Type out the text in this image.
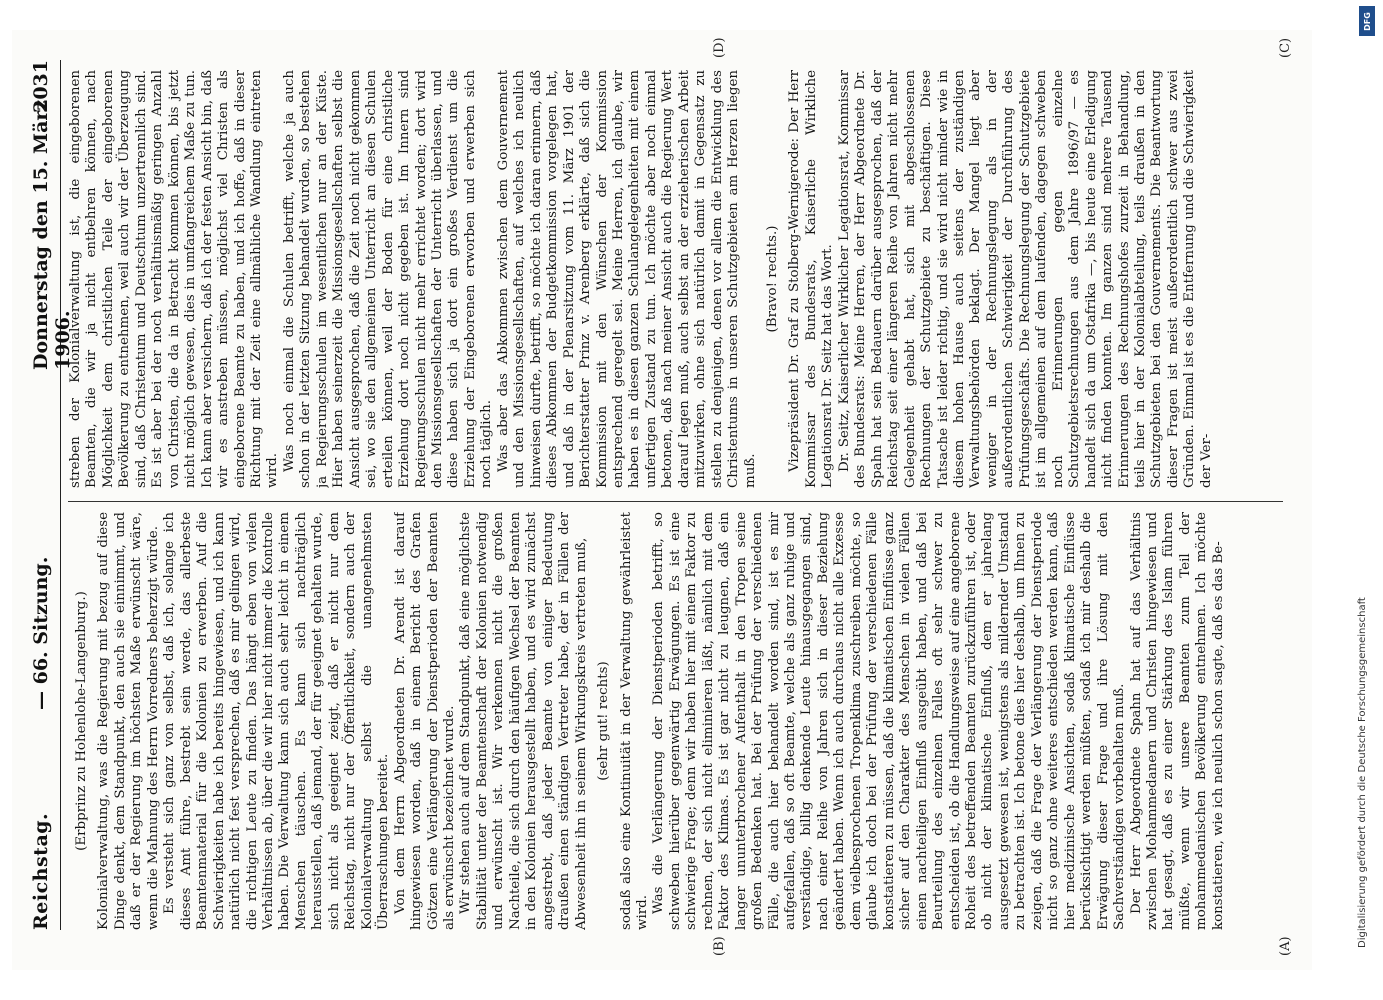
Reichstag.
— 66. Sitzung.
Donnerstag den 15. März 1906.
2031

(Erbprinz zu Hohenlohe-Langenburg.) Kolonialverwaltung, was die Regierung mit bezug auf diese Dinge denkt, dem Standpunkt, den auch sie einnimmt, und daß er der Regierung im höchsten Maße erwünscht wäre, wenn die Mahnung des Herrn Vorredners beherzigt würde. Es versteht sich ganz von selbst, daß ich, solange ich dieses Amt führe, bestrebt sein werde, das allerbeste Beamtenmaterial für die Kolonien zu erwerben. Auf die Schwierigkeiten habe ich bereits hingewiesen, und ich kann natürlich nicht fest versprechen, daß es mir gelingen wird, die richtigen Leute zu finden. Das hängt eben von vielen Verhältnissen ab, über die wir hier nicht immer die Kontrolle haben. Die Verwaltung kann sich auch sehr leicht in einem Menschen täuschen. Es kann sich nachträglich herausstellen, daß jemand, der für geeignet gehalten wurde, sich nicht als geeignet zeigt, daß er nicht nur dem Reichstag, nicht nur der Öffentlichkeit, sondern auch der Kolonialverwaltung selbst die unangenehmsten Überraschungen bereitet. Von dem Herrn Abgeordneten Dr. Arendt ist darauf hingewiesen worden, daß in einem Bericht des Grafen Götzen eine Verlängerung der Dienstperioden der Beamten als erwünscht bezeichnet wurde. Wir stehen auch auf dem Standpunkt, daß eine möglichste Stabilität unter der Beamtenschaft der Kolonien notwendig und erwünscht ist. Wir verkennen nicht die großen Nachteile, die sich durch den häufigen Wechsel der Beamten in den Kolonien herausgestellt haben, und es wird zunächst angestrebt, daß jeder Beamte von einiger Bedeutung draußen einen ständigen Vertreter habe, der in Fällen der Abwesenheit ihn in seinem Wirkungskreis vertreten muß, (sehr gut! rechts) sodaß also eine Kontinuität in der Verwaltung gewährleistet wird. Was die Verlängerung der Dienstperioden betrifft, so schweben hierüber gegenwärtig Erwägungen. Es ist eine schwierige Frage; denn wir haben hier mit einem Faktor zu rechnen, der sich nicht eliminieren läßt, nämlich mit dem Faktor des Klimas. Es ist gar nicht zu leugnen, daß ein langer ununterbrochener Aufenthalt in den Tropen seine großen Bedenken hat. Bei der Prüfung der verschiedenen Fälle, die auch hier behandelt worden sind, ist es mir aufgefallen, daß so oft Beamte, welche als ganz ruhige und verständige, billig denkende Leute hinausgegangen sind, nach einer Reihe von Jahren sich in dieser Beziehung geändert haben. Wenn ich auch durchaus nicht alle Exzesse dem vielbesprochenen Tropenklima zuschreiben möchte, so glaube ich doch bei der Prüfung der verschiedenen Fälle konstatieren zu müssen, daß die klimatischen Einflüsse ganz sicher auf den Charakter des Menschen in vielen Fällen einen nachteiligen Einfluß ausgeübt haben, und daß bei Beurteilung des einzelnen Falles oft sehr schwer zu entscheiden ist, ob die Handlungsweise auf eine angeborene Roheit des betreffenden Beamten zurückzuführen ist, oder ob nicht der klimatische Einfluß, dem er jahrelang ausgesetzt gewesen ist, wenigstens als mildernder Umstand zu betrachten ist. Ich betone dies hier deshalb, um Ihnen zu zeigen, daß die Frage der Verlängerung der Dienstperiode nicht so ganz ohne weiteres entschieden werden kann, daß hier medizinische Ansichten, sodaß klimatische Einflüsse berücksichtigt werden müßten, sodaß ich mir deshalb die Erwägung dieser Frage und ihre Lösung mit den Sachverständigen vorbehalten muß. Der Herr Abgeordnete Spahn hat auf das Verhältnis zwischen Mohammedanern und Christen hingewiesen und hat gesagt, daß es zu einer Stärkung des Islam führen müßte, wenn wir unsere Beamten zum Teil der mohammedanischen Bevölkerung entnehmen. Ich möchte konstatieren, wie ich neulich schon sagte, daß es das Be-

streben der Kolonialverwaltung ist, die eingeborenen Beamten, die wir ja nicht entbehren können, nach Möglichkeit dem christlichen Teile der eingeborenen Bevölkerung zu entnehmen, weil auch wir der Überzeugung sind, daß Christentum und Deutschtum unzertrennlich sind. Es ist aber bei der noch verhältnismäßig geringen Anzahl von Christen, die da in Betracht kommen können, bis jetzt nicht möglich gewesen, dies in umfangreichem Maße zu tun. Ich kann aber versichern, daß ich der festen Ansicht bin, daß wir es anstreben müssen, möglichst viel Christen als eingeborene Beamte zu haben, und ich hoffe, daß in dieser Richtung mit der Zeit eine allmähliche Wandlung eintreten wird. Was noch einmal die Schulen betrifft, welche ja auch schon in der letzten Sitzung behandelt wurden, so bestehen ja Regierungsschulen im wesentlichen nur an der Küste. Hier haben seinerzeit die Missionsgesellschaften selbst die Ansicht ausgesprochen, daß die Zeit noch nicht gekommen sei, wo sie den allgemeinen Unterricht an diesen Schulen erteilen können, weil der Boden für eine christliche Erziehung dort noch nicht gegeben ist. Im Innern sind Regierungsschulen nicht mehr errichtet worden; dort wird den Missionsgesellschaften der Unterricht überlassen, und diese haben sich ja dort ein großes Verdienst um die Erziehung der Eingeborenen erworben und erwerben sich noch täglich. Was aber das Abkommen zwischen dem Gouvernement und den Missionsgesellschaften, auf welches ich neulich hinweisen durfte, betrifft, so möchte ich daran erinnern, daß dieses Abkommen der Budgetkommission vorgelegen hat, und daß in der Plenarsitzung vom 11. März 1901 der Berichterstatter Prinz v. Arenberg erklärte, daß sich die Kommission mit den Wünschen der Kommission entsprechend geregelt sei. Meine Herren, ich glaube, wir haben es in diesen ganzen Schulangelegenheiten mit einem unfertigen Zustand zu tun. Ich möchte aber noch einmal betonen, daß nach meiner Ansicht auch die Regierung Wert darauf legen muß, auch selbst an der erzieherischen Arbeit mitzuwirken, ohne sich natürlich damit in Gegensatz zu stellen zu denjenigen, denen vor allem die Entwicklung des Christentums in unseren Schutzgebieten am Herzen liegen muß.

(Bravo! rechts.) Vizepräsident Dr. Graf zu Stolberg-Wernigerode: Der Herr Kommissar des Bundesrats, Kaiserliche Wirkliche Legationsrat Dr. Seitz hat das Wort. Dr. Seitz, Kaiserlicher Wirklicher Legationsrat, Kommissar des Bundesrats: Meine Herren, der Herr Abgeordnete Dr. Spahn hat sein Bedauern darüber ausgesprochen, daß der Reichstag seit einer längeren Reihe von Jahren nicht mehr Gelegenheit gehabt hat, sich mit abgeschlossenen Rechnungen der Schutzgebiete zu beschäftigen. Diese Tatsache ist leider richtig, und sie wird nicht minder wie in diesem hohen Hause auch seitens der zuständigen Verwaltungsbehörden beklagt. Der Mangel liegt aber weniger in der Rechnungslegung als in der außerordentlichen Schwierigkeit der Durchführung des Prüfungsgeschäfts. Die Rechnungslegung der Schutzgebiete ist im allgemeinen auf dem laufenden, dagegen schweben noch Erinnerungen gegen einzelne Schutzgebietsrechnungen aus dem Jahre 1896/97 — es handelt sich da um Ostafrika —, bis heute eine Erledigung nicht finden konnten. Im ganzen sind mehrere Tausend Erinnerungen des Rechnungshofes zurzeit in Behandlung, teils hier in der Kolonialabteilung, teils draußen in den Schutzgebieten bei den Gouvernements. Die Beantwortung dieser Fragen ist meist außerordentlich schwer aus zwei Gründen. Einmal ist es die Entfernung und die Schwierigkeit der Ver-

(A)
(B)
(C)
(D)
DFG
Digitalisierung gefördert durch die Deutsche Forschungsgemeinschaft
